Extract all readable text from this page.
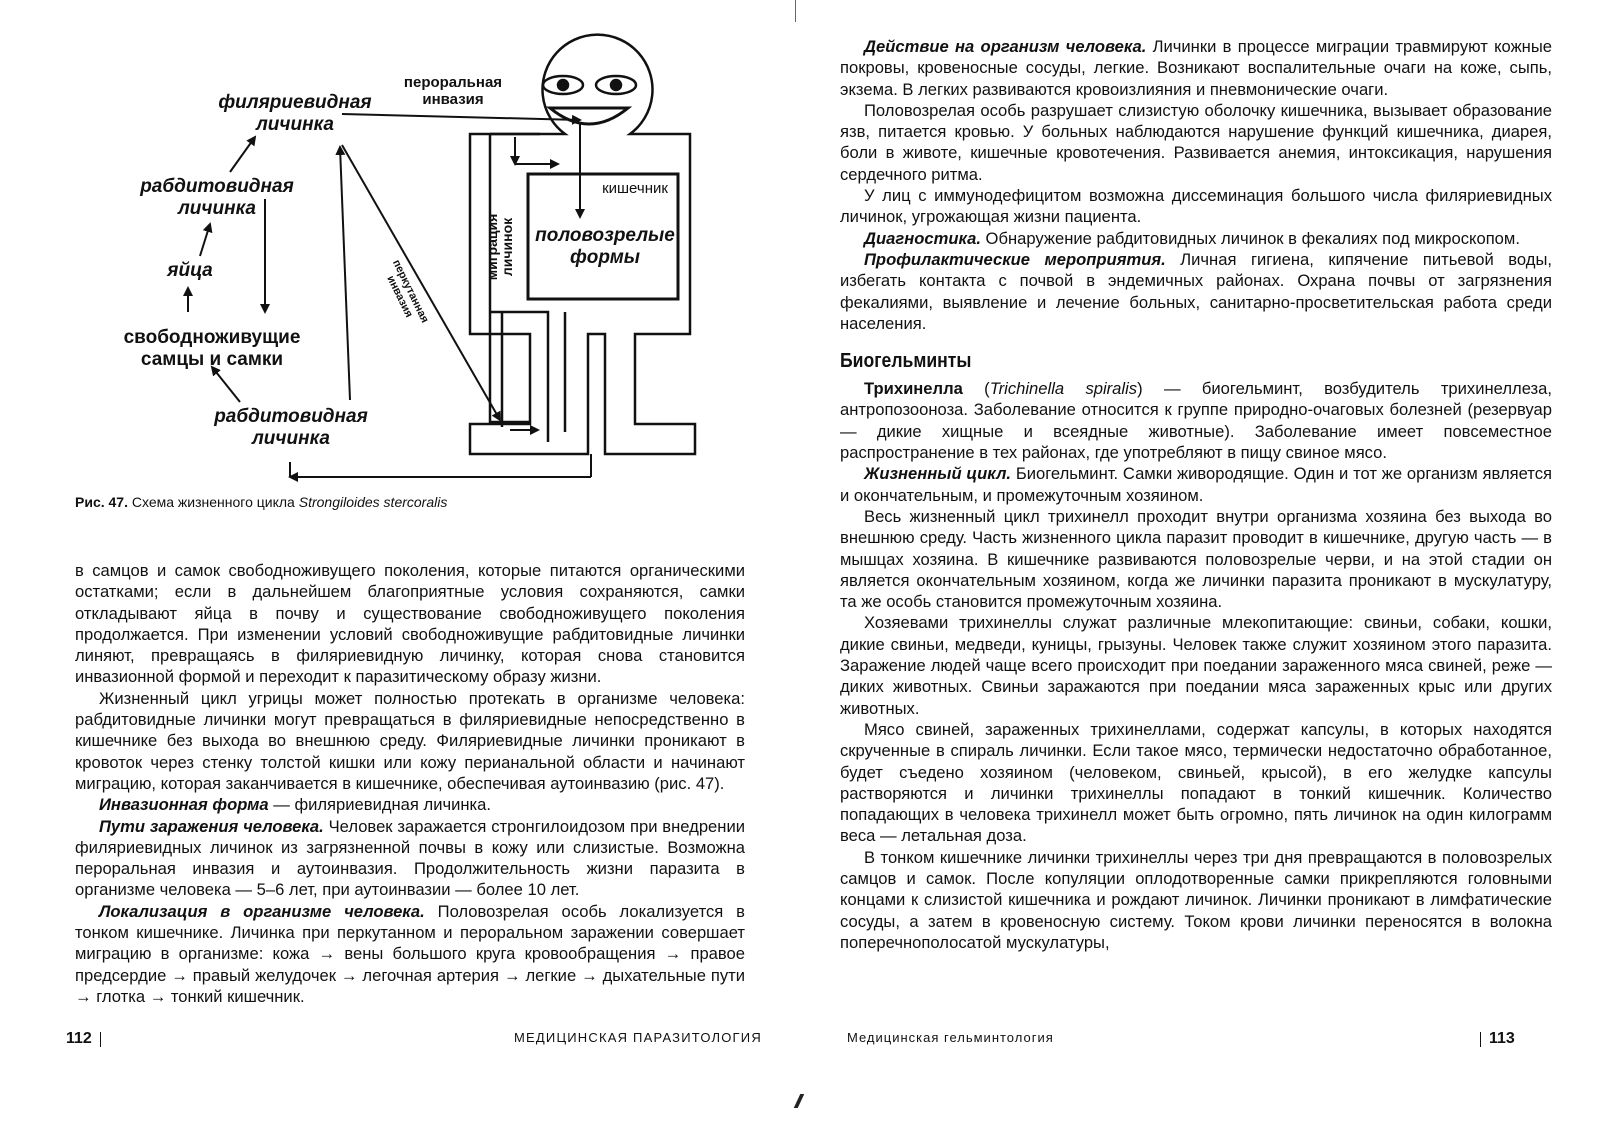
филяриевидная
личинка
рабдитовидная
личинка
яйца
свободноживущие
самцы и самки
рабдитовидная
личинка
пероральная
инвазия
кишечник
половозрелые
формы
миграция
личинок
перкутанная
инвазия
Рис. 47. Схема жизненного цикла Strongiloides stercoralis

в самцов и самок свободноживущего поколения, которые питаются органическими остатками; если в дальнейшем благоприятные условия сохраняются, самки откладывают яйца в почву и существование свободноживущего поколения продолжается. При изменении условий свободноживущие рабдитовидные личинки линяют, превращаясь в филяриевидную личинку, которая снова становится инвазионной формой и переходит к паразитическому образу жизни.

Жизненный цикл угрицы может полностью протекать в организме человека: рабдитовидные личинки могут превращаться в филяриевидные непосредственно в кишечнике без выхода во внешнюю среду. Филяриевидные личинки проникают в кровоток через стенку толстой кишки или кожу перианальной области и начинают миграцию, которая заканчивается в кишечнике, обеспечивая аутоинвазию (рис. 47).

Инвазионная форма — филяриевидная личинка.

Пути заражения человека. Человек заражается стронгилоидозом при внедрении филяриевидных личинок из загрязненной почвы в кожу или слизистые. Возможна пероральная инвазия и аутоинвазия. Продолжительность жизни паразита в организме человека — 5–6 лет, при аутоинвазии — более 10 лет.

Локализация в организме человека. Половозрелая особь локализуется в тонком кишечнике. Личинка при перкутанном и пероральном заражении совершает миграцию в организме: кожа → вены большого круга кровообращения → правое предсердие → правый желудочек → легочная артерия → легкие → дыхательные пути → глотка → тонкий кишечник.

112	МЕДИЦИНСКАЯ ПАРАЗИТОЛОГИЯ

Действие на организм человека. Личинки в процессе миграции травмируют кожные покровы, кровеносные сосуды, легкие. Возникают воспалительные очаги на коже, сыпь, экзема. В легких развиваются кровоизлияния и пневмонические очаги.

Половозрелая особь разрушает слизистую оболочку кишечника, вызывает образование язв, питается кровью. У больных наблюдаются нарушение функций кишечника, диарея, боли в животе, кишечные кровотечения. Развивается анемия, интоксикация, нарушения сердечного ритма.

У лиц с иммунодефицитом возможна диссеминация большого числа филяриевидных личинок, угрожающая жизни пациента.

Диагностика. Обнаружение рабдитовидных личинок в фекалиях под микроскопом.

Профилактические мероприятия. Личная гигиена, кипячение питьевой воды, избегать контакта с почвой в эндемичных районах. Охрана почвы от загрязнения фекалиями, выявление и лечение больных, санитарно-просветительская работа среди населения.

Биогельминты

Трихинелла (Trichinella spiralis) — биогельминт, возбудитель трихинеллеза, антропозооноза. Заболевание относится к группе природно-очаговых болезней (резервуар — дикие хищные и всеядные животные). Заболевание имеет повсеместное распространение в тех районах, где употребляют в пищу свиное мясо.

Жизненный цикл. Биогельминт. Самки живородящие. Один и тот же организм является и окончательным, и промежуточным хозяином.

Весь жизненный цикл трихинелл проходит внутри организма хозяина без выхода во внешнюю среду. Часть жизненного цикла паразит проводит в кишечнике, другую часть — в мышцах хозяина. В кишечнике развиваются половозрелые черви, и на этой стадии он является окончательным хозяином, когда же личинки паразита проникают в мускулатуру, та же особь становится промежуточным хозяина.

Хозяевами трихинеллы служат различные млекопитающие: свиньи, собаки, кошки, дикие свиньи, медведи, куницы, грызуны. Человек также служит хозяином этого паразита. Заражение людей чаще всего происходит при поедании зараженного мяса свиней, реже — диких животных. Свиньи заражаются при поедании мяса зараженных крыс или других животных.

Мясо свиней, зараженных трихинеллами, содержат капсулы, в которых находятся скрученные в спираль личинки. Если такое мясо, термически недостаточно обработанное, будет съедено хозяином (человеком, свиньей, крысой), в его желудке капсулы растворяются и личинки трихинеллы попадают в тонкий кишечник. Количество попадающих в человека трихинелл может быть огромно, пять личинок на один килограмм веса — летальная доза.

В тонком кишечнике личинки трихинеллы через три дня превращаются в половозрелых самцов и самок. После копуляции оплодотворенные самки прикрепляются головными концами к слизистой кишечника и рождают личинок. Личинки проникают в лимфатические сосуды, а затем в кровеносную систему. Током крови личинки переносятся в волокна поперечнополосатой мускулатуры,

Медицинская гельминтология	113
